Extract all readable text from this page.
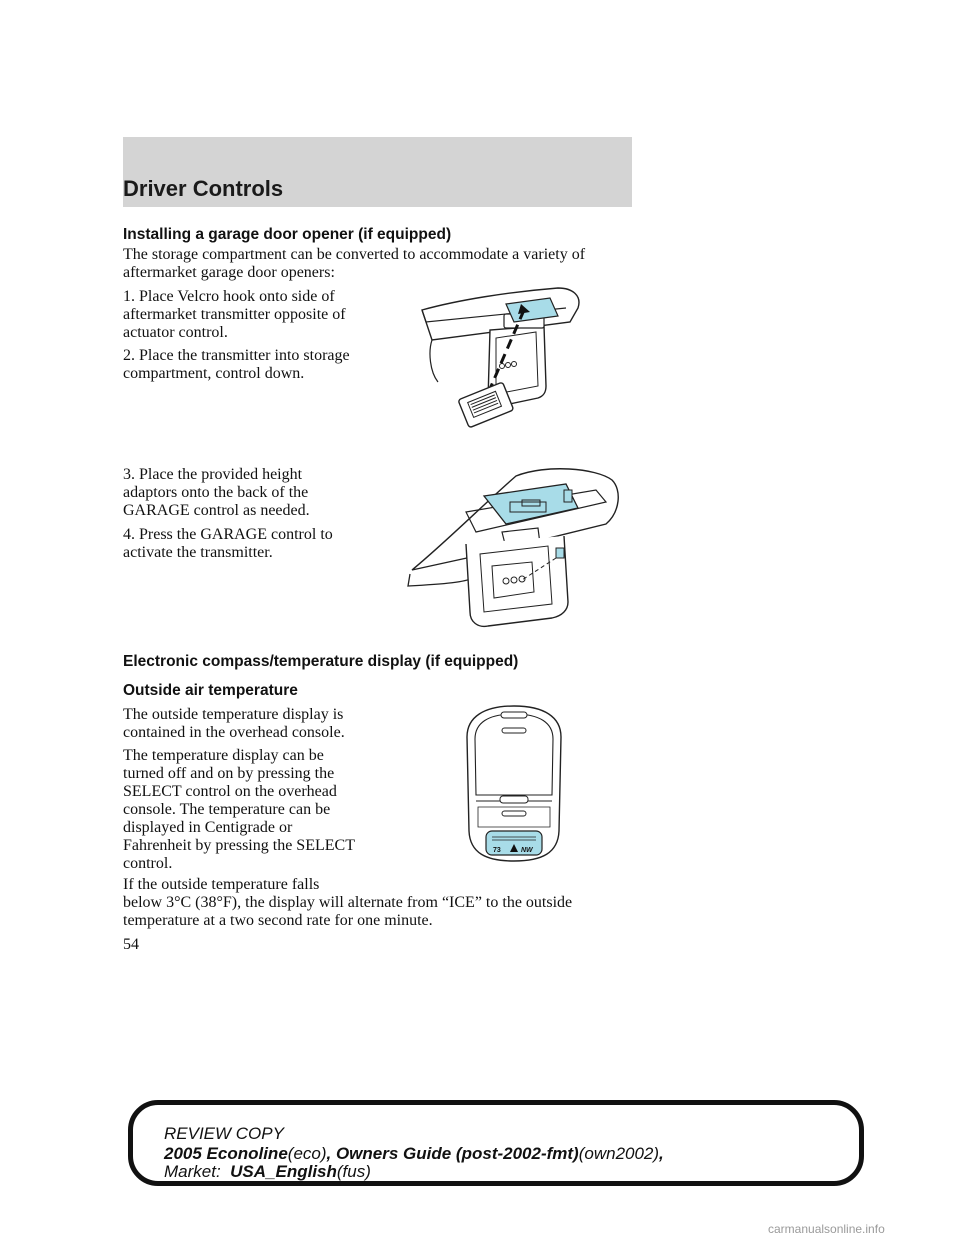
Driver Controls
Installing a garage door opener (if equipped)
The storage compartment can be converted to accommodate a variety of
aftermarket garage door openers:
1. Place Velcro hook onto side of
aftermarket transmitter opposite of
actuator control.
2. Place the transmitter into storage
compartment, control down.
3. Place the provided height
adaptors onto the back of the
GARAGE control as needed.
4. Press the GARAGE control to
activate the transmitter.
Electronic compass/temperature display (if equipped)
Outside air temperature
The outside temperature display is
contained in the overhead console.
The temperature display can be
turned off and on by pressing the
SELECT control on the overhead
console. The temperature can be
displayed in Centigrade or
Fahrenheit by pressing the SELECT
control.
If the outside temperature falls
below 3°C (38°F), the display will alternate from “ICE” to the outside
temperature at a two second rate for one minute.
73	NW
54
REVIEW COPY
2005 Econoline(eco), Owners Guide (post-2002-fmt)(own2002),
Market: USA_English(fus)
carmanualsonline.info
